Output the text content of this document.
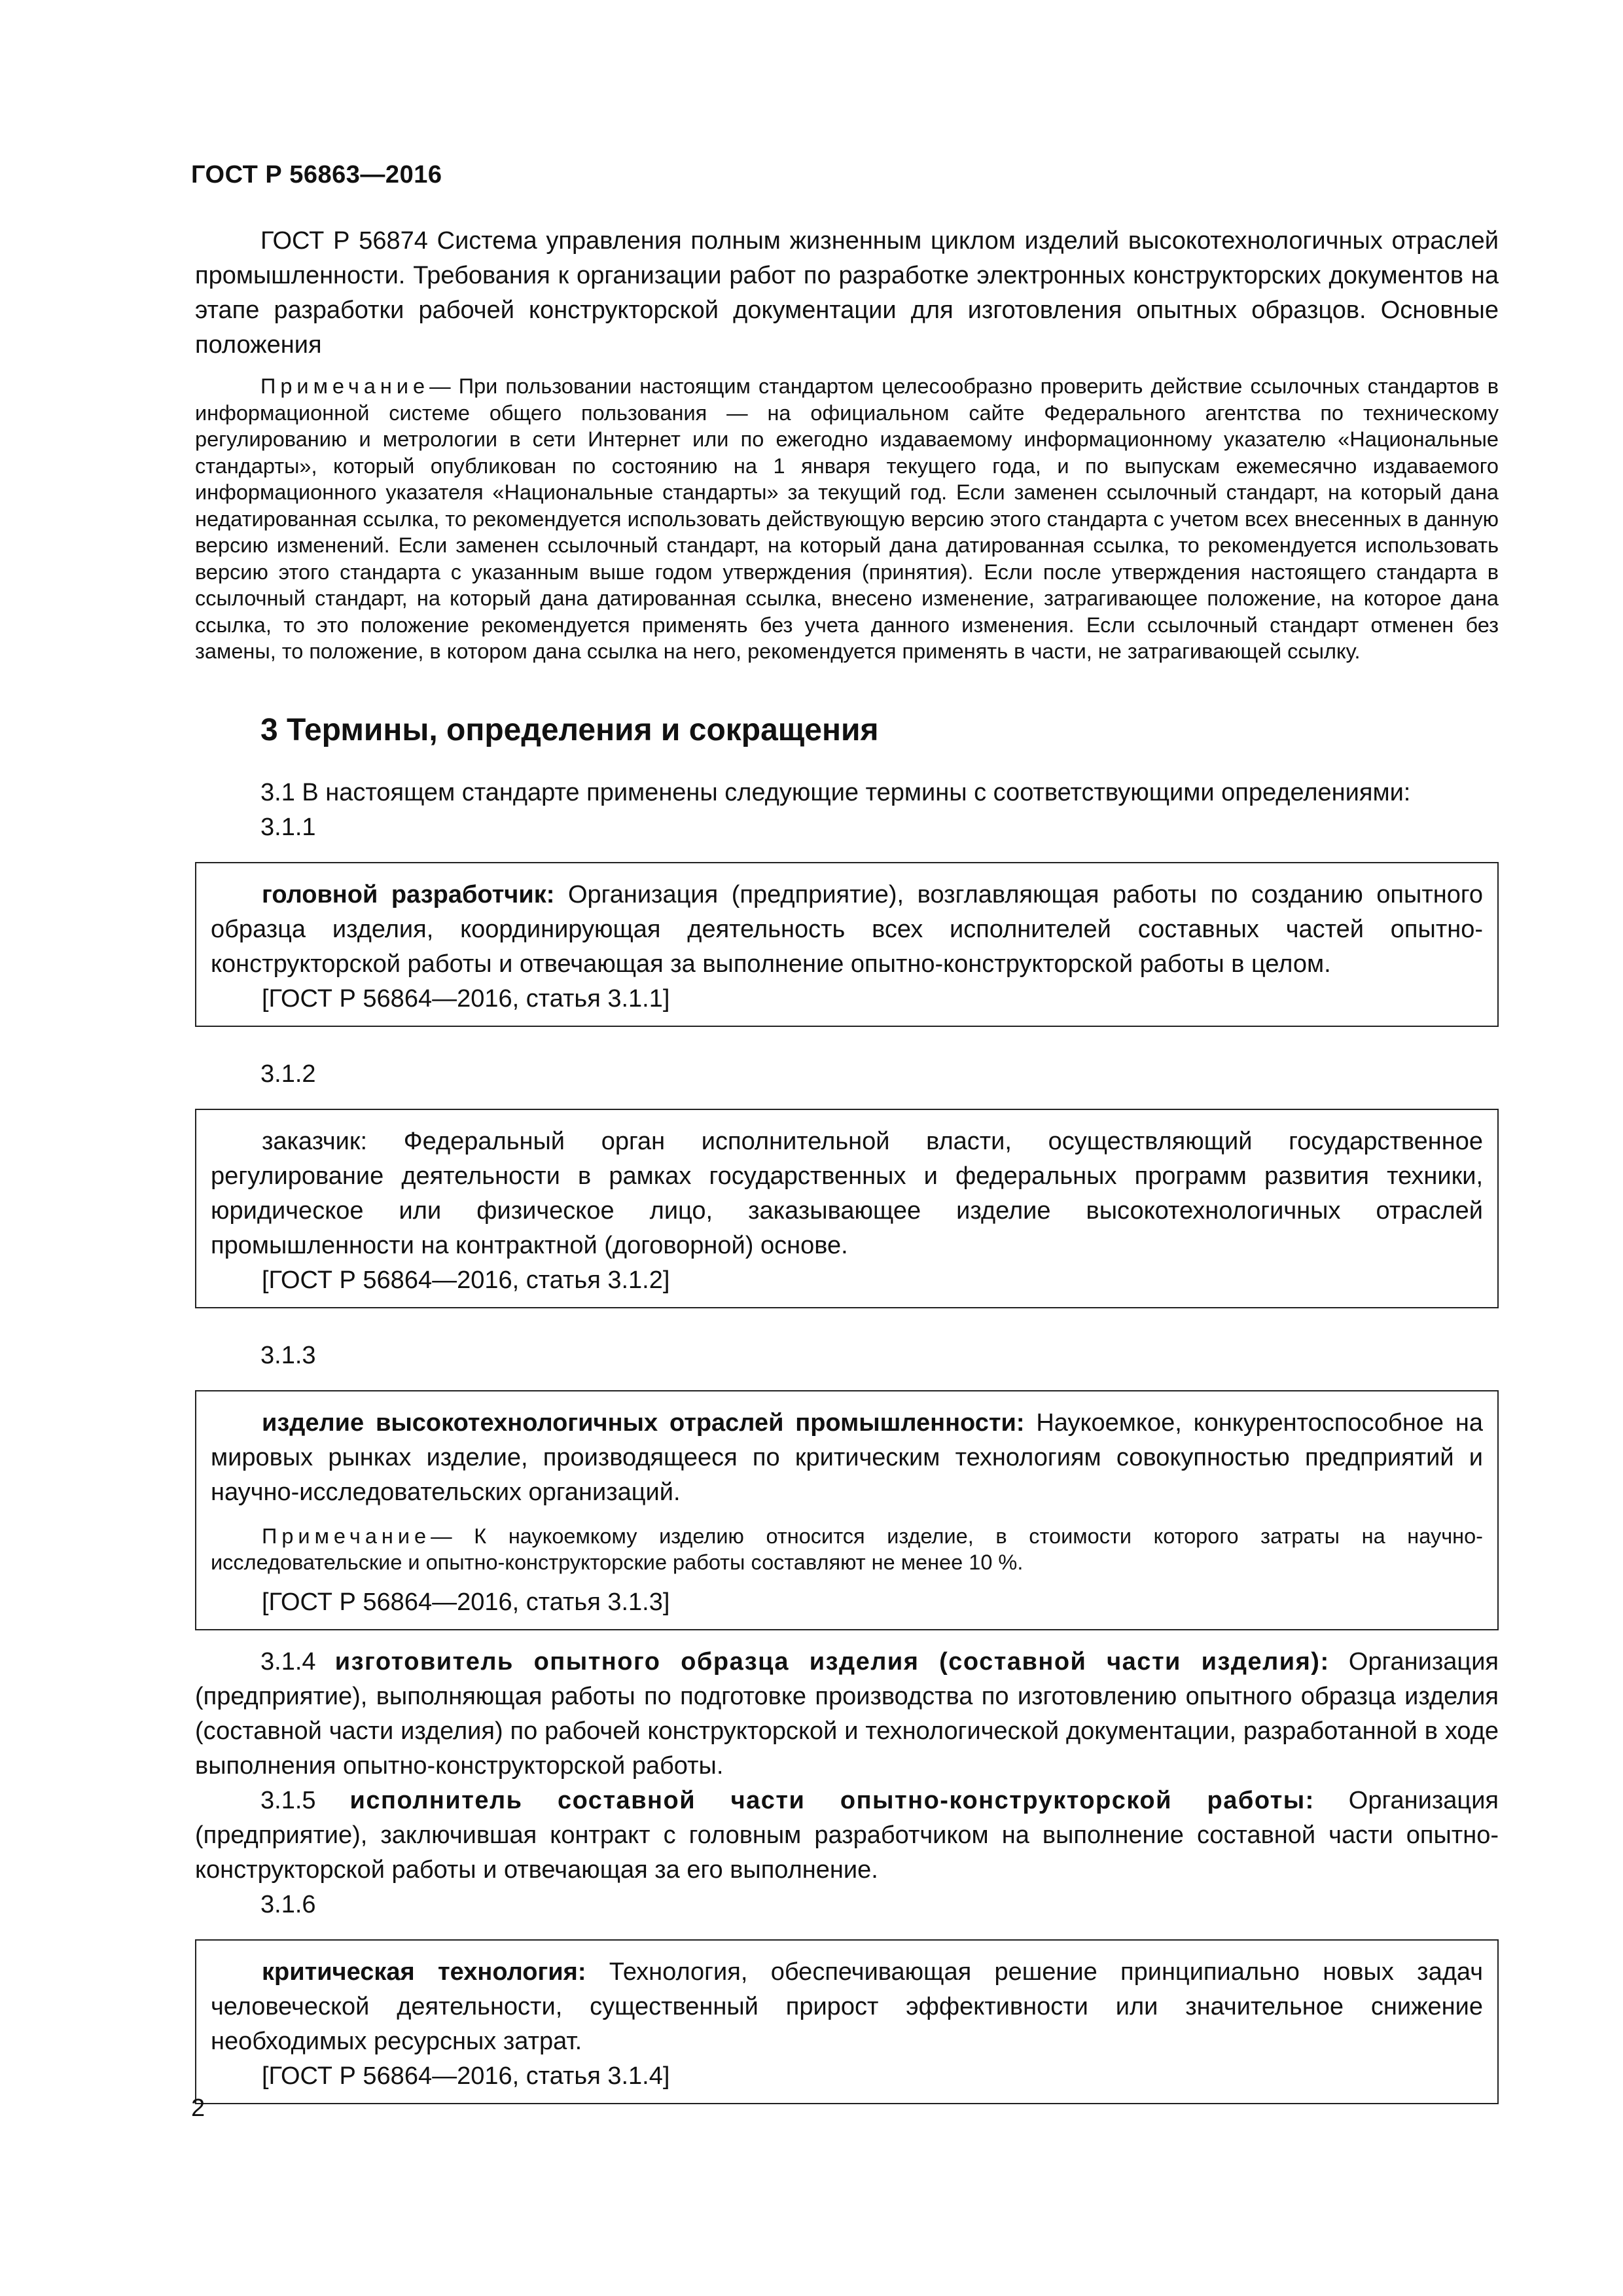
ГОСТ Р 56863—2016

ГОСТ Р 56874 Система управления полным жизненным циклом изделий высокотехнологичных отраслей промышленности. Требования к организации работ по разработке электронных конструкторских документов на этапе разработки рабочей конструкторской документации для изготовления опытных образцов. Основные положения

Примечание— При пользовании настоящим стандартом целесообразно проверить действие ссылочных стандартов в информационной системе общего пользования — на официальном сайте Федерального агентства по техническому регулированию и метрологии в сети Интернет или по ежегодно издаваемому информационному указателю «Национальные стандарты», который опубликован по состоянию на 1 января текущего года, и по выпускам ежемесячно издаваемого информационного указателя «Национальные стандарты» за текущий год. Если заменен ссылочный стандарт, на который дана недатированная ссылка, то рекомендуется использовать действующую версию этого стандарта с учетом всех внесенных в данную версию изменений. Если заменен ссылочный стандарт, на который дана датированная ссылка, то рекомендуется использовать версию этого стандарта с указанным выше годом утверждения (принятия). Если после утверждения настоящего стандарта в ссылочный стандарт, на который дана датированная ссылка, внесено изменение, затрагивающее положение, на которое дана ссылка, то это положение рекомендуется применять без учета данного изменения. Если ссылочный стандарт отменен без замены, то положение, в котором дана ссылка на него, рекомендуется применять в части, не затрагивающей ссылку.

3 Термины, определения и сокращения

3.1 В настоящем стандарте применены следующие термины с соответствующими определениями:

3.1.1

головной разработчик: Организация (предприятие), возглавляющая работы по созданию опытного образца изделия, координирующая деятельность всех исполнителей составных частей опытно-конструкторской работы и отвечающая за выполнение опытно-конструкторской работы в целом.

[ГОСТ Р 56864—2016, статья 3.1.1]

3.1.2

заказчик: Федеральный орган исполнительной власти, осуществляющий государственное регулирование деятельности в рамках государственных и федеральных программ развития техники, юридическое или физическое лицо, заказывающее изделие высокотехнологичных отраслей промышленности на контрактной (договорной) основе.

[ГОСТ Р 56864—2016, статья 3.1.2]

3.1.3

изделие высокотехнологичных отраслей промышленности: Наукоемкое, конкурентоспособное на мировых рынках изделие, производящееся по критическим технологиям совокупностью предприятий и научно-исследовательских организаций.

Примечание— К наукоемкому изделию относится изделие, в стоимости которого затраты на научно-исследовательские и опытно-конструкторские работы составляют не менее 10 %.

[ГОСТ Р 56864—2016, статья 3.1.3]

3.1.4 изготовитель опытного образца изделия (составной части изделия): Организация (предприятие), выполняющая работы по подготовке производства по изготовлению опытного образца изделия (составной части изделия) по рабочей конструкторской и технологической документации, разработанной в ходе выполнения опытно-конструкторской работы.

3.1.5 исполнитель составной части опытно-конструкторской работы: Организация (предприятие), заключившая контракт с головным разработчиком на выполнение составной части опытно-конструкторской работы и отвечающая за его выполнение.

3.1.6

критическая технология: Технология, обеспечивающая решение принципиально новых задач человеческой деятельности, существенный прирост эффективности или значительное снижение необходимых ресурсных затрат.

[ГОСТ Р 56864—2016, статья 3.1.4]

2
